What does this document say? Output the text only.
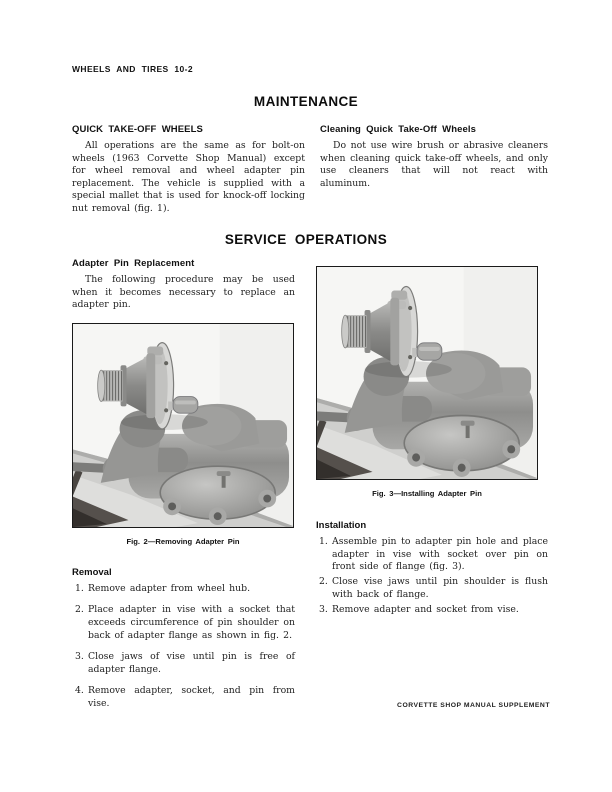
WHEELS AND TIRES 10-2
MAINTENANCE
QUICK TAKE-OFF WHEELS
All operations are the same as for bolt-on wheels (1963 Corvette Shop Manual) except for wheel removal and wheel adapter pin replacement. The vehicle is supplied with a special mallet that is used for knock-off locking nut removal (fig. 1).
Cleaning Quick Take-Off Wheels
Do not use wire brush or abrasive cleaners when cleaning quick take-off wheels, and only use cleaners that will not react with aluminum.
SERVICE OPERATIONS
Adapter Pin Replacement
The following procedure may be used when it becomes necessary to replace an adapter pin.
Fig. 2—Removing Adapter Pin
Removal
1. Remove adapter from wheel hub.
2. Place adapter in vise with a socket that exceeds circumference of pin shoulder on back of adapter flange as shown in fig. 2.
3. Close jaws of vise until pin is free of adapter flange.
4. Remove adapter, socket, and pin from vise.
Fig. 3—Installing Adapter Pin
Installation
1. Assemble pin to adapter pin hole and place adapter in vise with socket over pin on front side of flange (fig. 3).
2. Close vise jaws until pin shoulder is flush with back of flange.
3. Remove adapter and socket from vise.
CORVETTE SHOP MANUAL SUPPLEMENT
